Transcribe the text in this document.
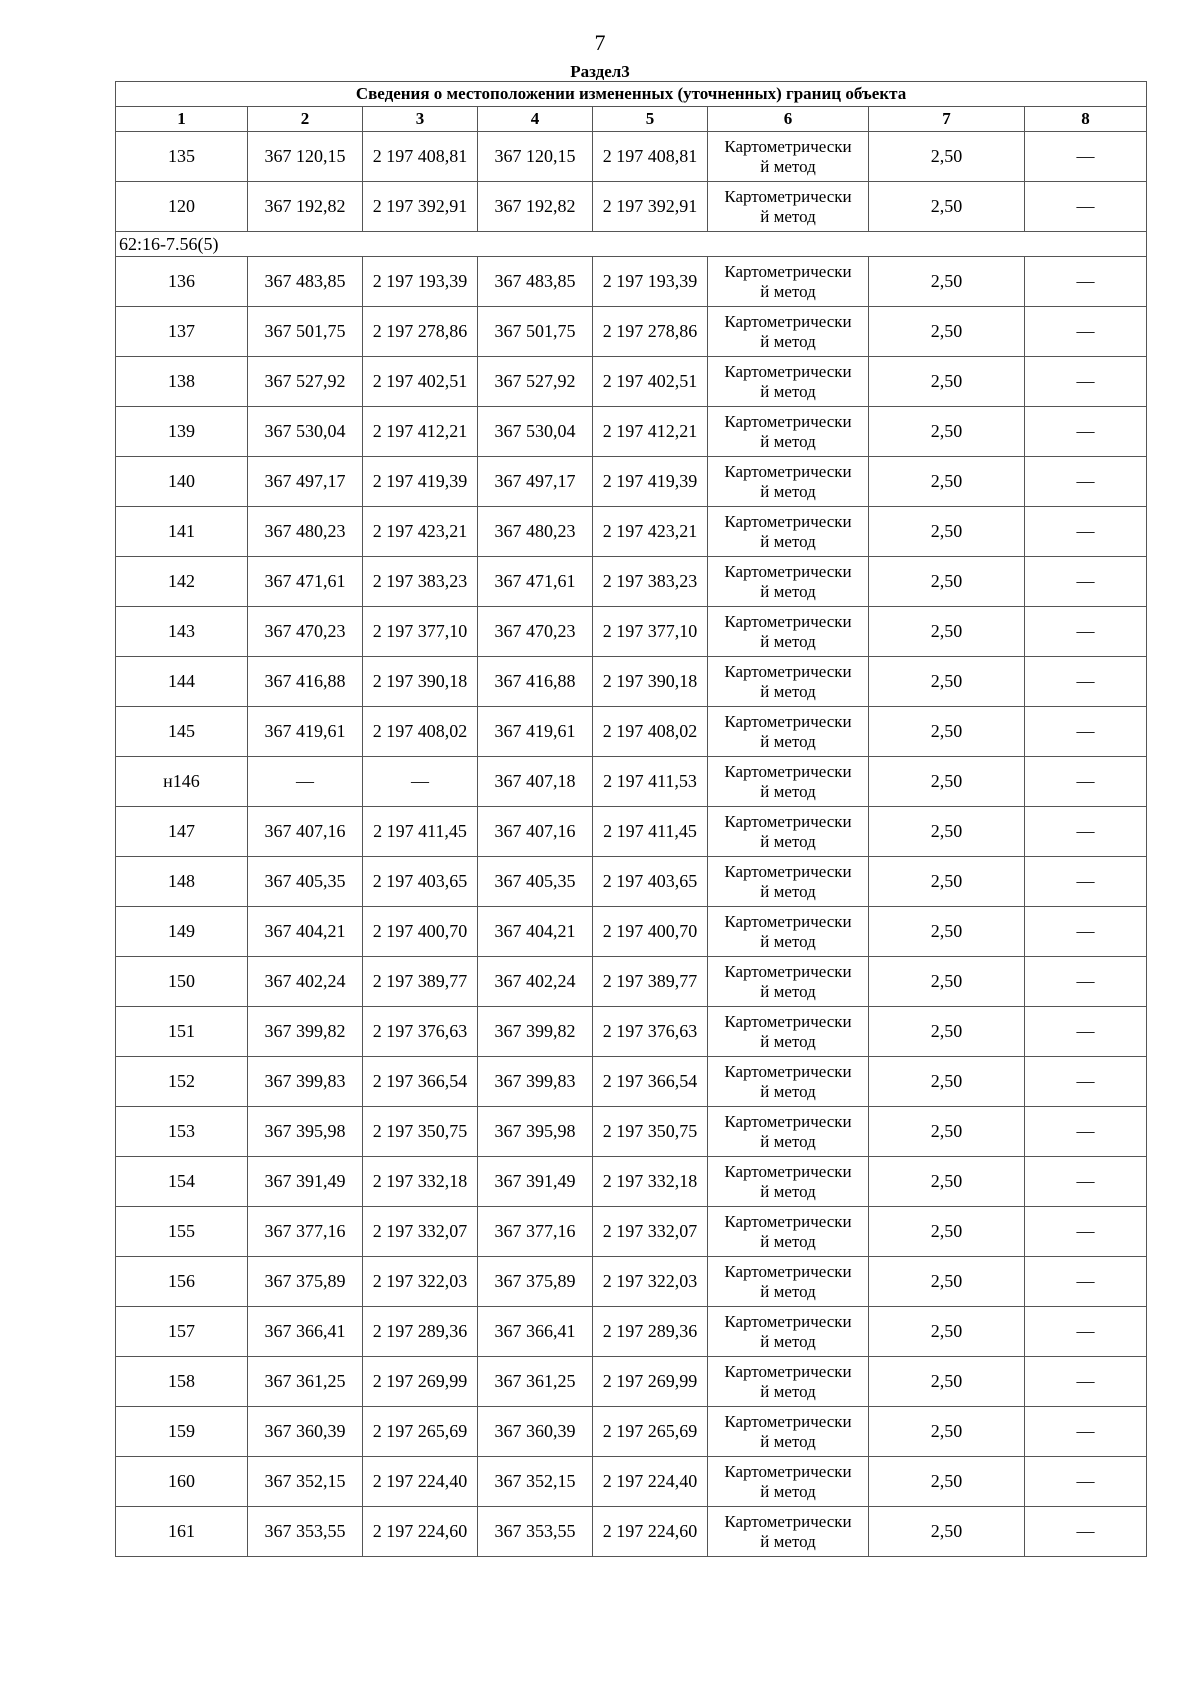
7
Раздел3
Сведения о местоположении измененных (уточненных) границ объекта							
1	2	3	4	5	6	7	8
135	367 120,15	2 197 408,81	367 120,15	2 197 408,81	Картометрически
й метод	2,50	—
120	367 192,82	2 197 392,91	367 192,82	2 197 392,91	Картометрически
й метод	2,50	—
62:16-7.56(5)							
136	367 483,85	2 197 193,39	367 483,85	2 197 193,39	Картометрически
й метод	2,50	—
137	367 501,75	2 197 278,86	367 501,75	2 197 278,86	Картометрически
й метод	2,50	—
138	367 527,92	2 197 402,51	367 527,92	2 197 402,51	Картометрически
й метод	2,50	—
139	367 530,04	2 197 412,21	367 530,04	2 197 412,21	Картометрически
й метод	2,50	—
140	367 497,17	2 197 419,39	367 497,17	2 197 419,39	Картометрически
й метод	2,50	—
141	367 480,23	2 197 423,21	367 480,23	2 197 423,21	Картометрически
й метод	2,50	—
142	367 471,61	2 197 383,23	367 471,61	2 197 383,23	Картометрически
й метод	2,50	—
143	367 470,23	2 197 377,10	367 470,23	2 197 377,10	Картометрически
й метод	2,50	—
144	367 416,88	2 197 390,18	367 416,88	2 197 390,18	Картометрически
й метод	2,50	—
145	367 419,61	2 197 408,02	367 419,61	2 197 408,02	Картометрически
й метод	2,50	—
н146	—	—	367 407,18	2 197 411,53	Картометрически
й метод	2,50	—
147	367 407,16	2 197 411,45	367 407,16	2 197 411,45	Картометрически
й метод	2,50	—
148	367 405,35	2 197 403,65	367 405,35	2 197 403,65	Картометрически
й метод	2,50	—
149	367 404,21	2 197 400,70	367 404,21	2 197 400,70	Картометрически
й метод	2,50	—
150	367 402,24	2 197 389,77	367 402,24	2 197 389,77	Картометрически
й метод	2,50	—
151	367 399,82	2 197 376,63	367 399,82	2 197 376,63	Картометрически
й метод	2,50	—
152	367 399,83	2 197 366,54	367 399,83	2 197 366,54	Картометрически
й метод	2,50	—
153	367 395,98	2 197 350,75	367 395,98	2 197 350,75	Картометрически
й метод	2,50	—
154	367 391,49	2 197 332,18	367 391,49	2 197 332,18	Картометрически
й метод	2,50	—
155	367 377,16	2 197 332,07	367 377,16	2 197 332,07	Картометрически
й метод	2,50	—
156	367 375,89	2 197 322,03	367 375,89	2 197 322,03	Картометрически
й метод	2,50	—
157	367 366,41	2 197 289,36	367 366,41	2 197 289,36	Картометрически
й метод	2,50	—
158	367 361,25	2 197 269,99	367 361,25	2 197 269,99	Картометрически
й метод	2,50	—
159	367 360,39	2 197 265,69	367 360,39	2 197 265,69	Картометрически
й метод	2,50	—
160	367 352,15	2 197 224,40	367 352,15	2 197 224,40	Картометрически
й метод	2,50	—
161	367 353,55	2 197 224,60	367 353,55	2 197 224,60	Картометрически
й метод	2,50	—
